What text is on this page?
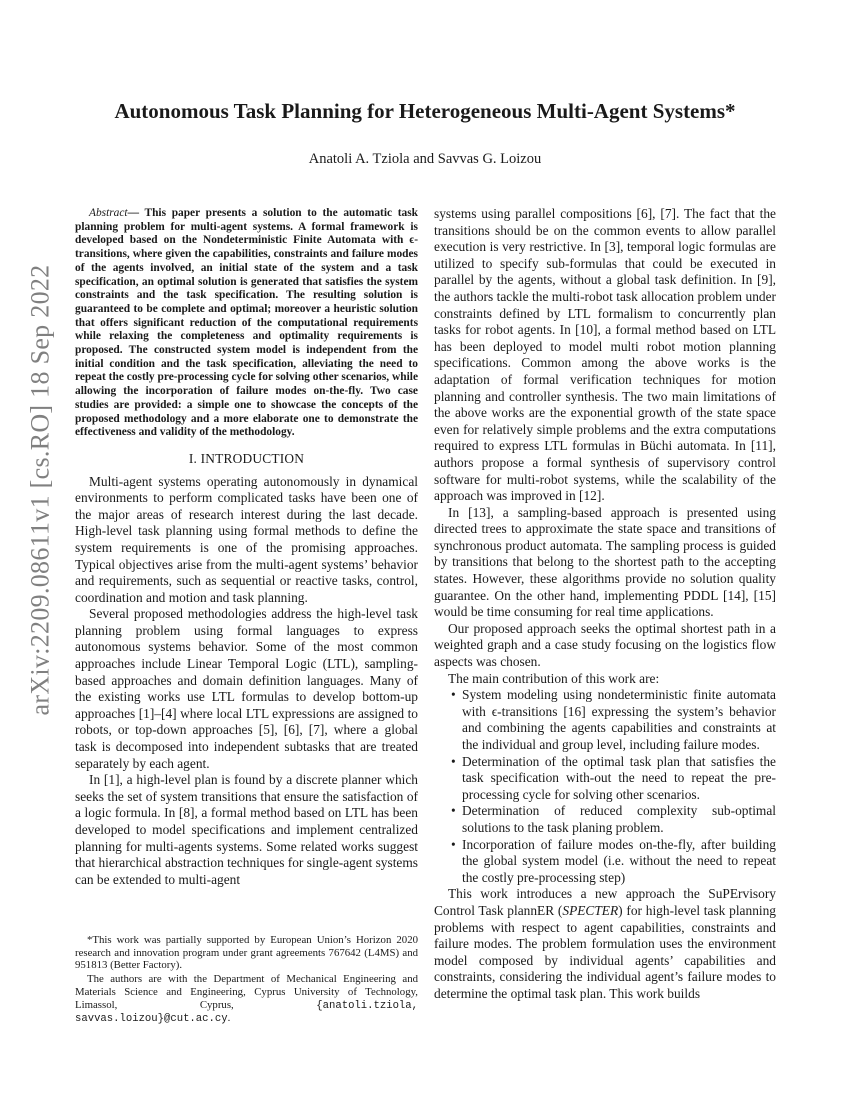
arXiv:2209.08611v1 [cs.RO] 18 Sep 2022
Autonomous Task Planning for Heterogeneous Multi-Agent Systems*
Anatoli A. Tziola and Savvas G. Loizou

Abstract— This paper presents a solution to the automatic task planning problem for multi-agent systems. A formal framework is developed based on the Nondeterministic Finite Automata with ϵ-transitions, where given the capabilities, constraints and failure modes of the agents involved, an initial state of the system and a task specification, an optimal solution is generated that satisfies the system constraints and the task specification. The resulting solution is guaranteed to be complete and optimal; moreover a heuristic solution that offers significant reduction of the computational requirements while relaxing the completeness and optimality requirements is proposed. The constructed system model is independent from the initial condition and the task specification, alleviating the need to repeat the costly pre-processing cycle for solving other scenarios, while allowing the incorporation of failure modes on-the-fly. Two case studies are provided: a simple one to showcase the concepts of the proposed methodology and a more elaborate one to demonstrate the effectiveness and validity of the methodology.

I. INTRODUCTION

Multi-agent systems operating autonomously in dynamical environments to perform complicated tasks have been one of the major areas of research interest during the last decade. High-level task planning using formal methods to define the system requirements is one of the promising approaches. Typical objectives arise from the multi-agent systems’ behavior and requirements, such as sequential or reactive tasks, control, coordination and motion and task planning.

Several proposed methodologies address the high-level task planning problem using formal languages to express autonomous systems behavior. Some of the most common approaches include Linear Temporal Logic (LTL), sampling-based approaches and domain definition languages. Many of the existing works use LTL formulas to develop bottom-up approaches [1]–[4] where local LTL expressions are assigned to robots, or top-down approaches [5], [6], [7], where a global task is decomposed into independent subtasks that are treated separately by each agent.

In [1], a high-level plan is found by a discrete planner which seeks the set of system transitions that ensure the satisfaction of a logic formula. In [8], a formal method based on LTL has been developed to model specifications and implement centralized planning for multi-agents systems. Some related works suggest that hierarchical abstraction techniques for single-agent systems can be extended to multi-agent

*This work was partially supported by European Union’s Horizon 2020 research and innovation program under grant agreements 767642 (L4MS) and 951813 (Better Factory).

The authors are with the Department of Mechanical Engineering and Materials Science and Engineering, Cyprus University of Technology, Limassol, Cyprus, {anatoli.tziola, savvas.loizou}@cut.ac.cy.

systems using parallel compositions [6], [7]. The fact that the transitions should be on the common events to allow parallel execution is very restrictive. In [3], temporal logic formulas are utilized to specify sub-formulas that could be executed in parallel by the agents, without a global task definition. In [9], the authors tackle the multi-robot task allocation problem under constraints defined by LTL formalism to concurrently plan tasks for robot agents. In [10], a formal method based on LTL has been deployed to model multi robot motion planning specifications. Common among the above works is the adaptation of formal verification techniques for motion planning and controller synthesis. The two main limitations of the above works are the exponential growth of the state space even for relatively simple problems and the extra computations required to express LTL formulas in Büchi automata. In [11], authors propose a formal synthesis of supervisory control software for multi-robot systems, while the scalability of the approach was improved in [12].

In [13], a sampling-based approach is presented using directed trees to approximate the state space and transitions of synchronous product automata. The sampling process is guided by transitions that belong to the shortest path to the accepting states. However, these algorithms provide no solution quality guarantee. On the other hand, implementing PDDL [14], [15] would be time consuming for real time applications.

Our proposed approach seeks the optimal shortest path in a weighted graph and a case study focusing on the logistics flow aspects was chosen.

The main contribution of this work are:

• System modeling using nondeterministic finite automata with ϵ-transitions [16] expressing the system’s behavior and combining the agents capabilities and constraints at the individual and group level, including failure modes.
• Determination of the optimal task plan that satisfies the task specification with-out the need to repeat the pre-processing cycle for solving other scenarios.
• Determination of reduced complexity sub-optimal solutions to the task planing problem.
• Incorporation of failure modes on-the-fly, after building the global system model (i.e. without the need to repeat the costly pre-processing step)

This work introduces a new approach the SuPErvisory Control Task plannER (SPECTER) for high-level task planning problems with respect to agent capabilities, constraints and failure modes. The problem formulation uses the environment model composed by individual agents’ capabilities and constraints, considering the individual agent’s failure modes to determine the optimal task plan. This work builds
